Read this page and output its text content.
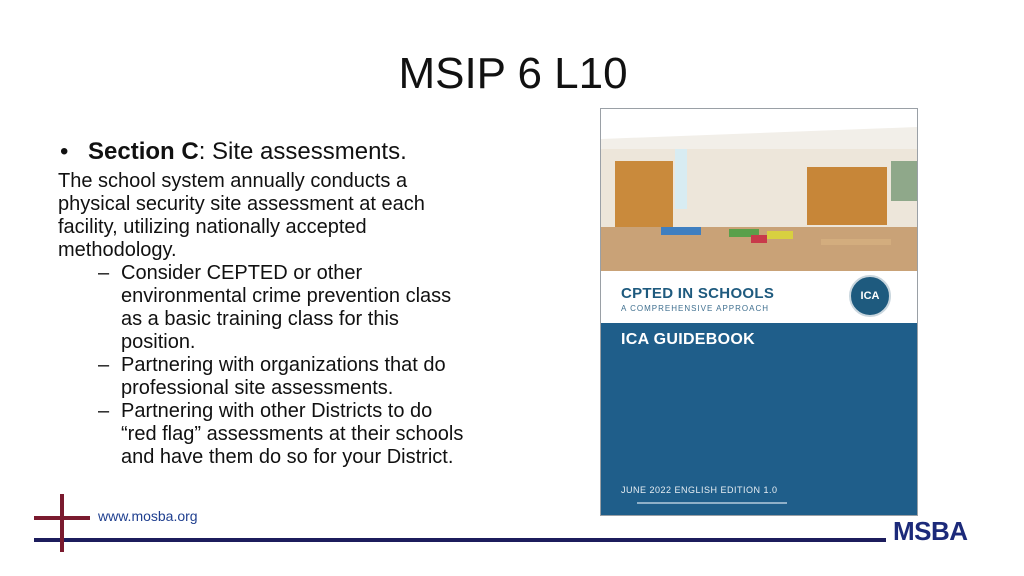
MSIP 6 L10
• Section C: Site assessments.
The school system annually conducts a
physical security site assessment at each
facility, utilizing nationally accepted
methodology.
– Consider CEPTED or other
environmental crime prevention class
as a basic training class for this
position.
– Partnering with organizations that do
professional site assessments.
– Partnering with other Districts to do
“red flag” assessments at their schools
and have them do so for your District.
CPTED IN SCHOOLS
A COMPREHENSIVE APPROACH
ICA
ICA GUIDEBOOK
JUNE 2022 ENGLISH EDITION 1.0
www.mosba.org	MSBA
